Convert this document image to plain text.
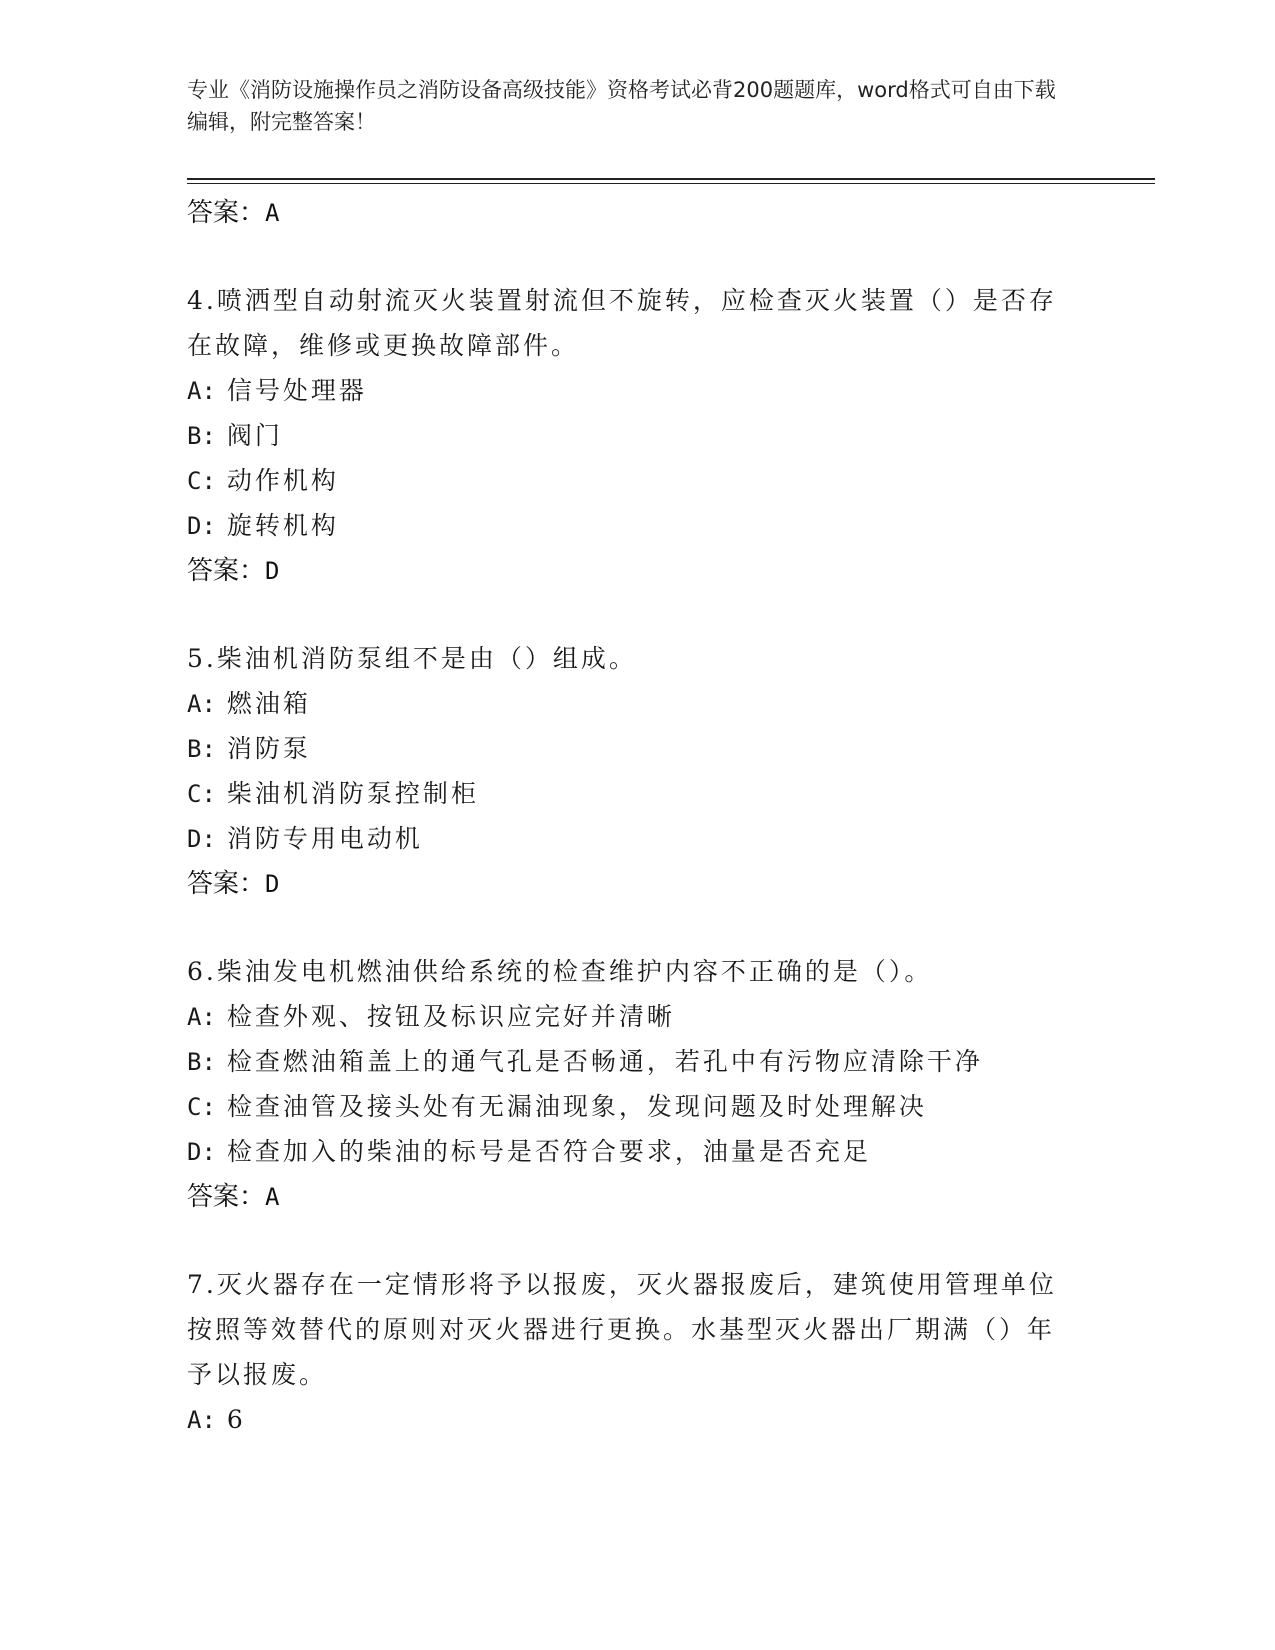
专业《消防设施操作员之消防设备高级技能》资格考试必背200题题库，word格式可自由下载编辑，附完整答案！
答案：A

4.喷洒型自动射流灭火装置射流但不旋转，应检查灭火装置（）是否存在故障，维修或更换故障部件。

A: 信号处理器
B: 阀门
C: 动作机构
D: 旋转机构
答案：D

5.柴油机消防泵组不是由（）组成。

A: 燃油箱
B: 消防泵
C: 柴油机消防泵控制柜
D: 消防专用电动机
答案：D

6.柴油发电机燃油供给系统的检查维护内容不正确的是（）。

A: 检查外观、按钮及标识应完好并清晰
B: 检查燃油箱盖上的通气孔是否畅通，若孔中有污物应清除干净
C: 检查油管及接头处有无漏油现象，发现问题及时处理解决
D: 检查加入的柴油的标号是否符合要求，油量是否充足
答案：A

7.灭火器存在一定情形将予以报废，灭火器报废后，建筑使用管理单位按照等效替代的原则对灭火器进行更换。水基型灭火器出厂期满（）年予以报废。

A: 6
